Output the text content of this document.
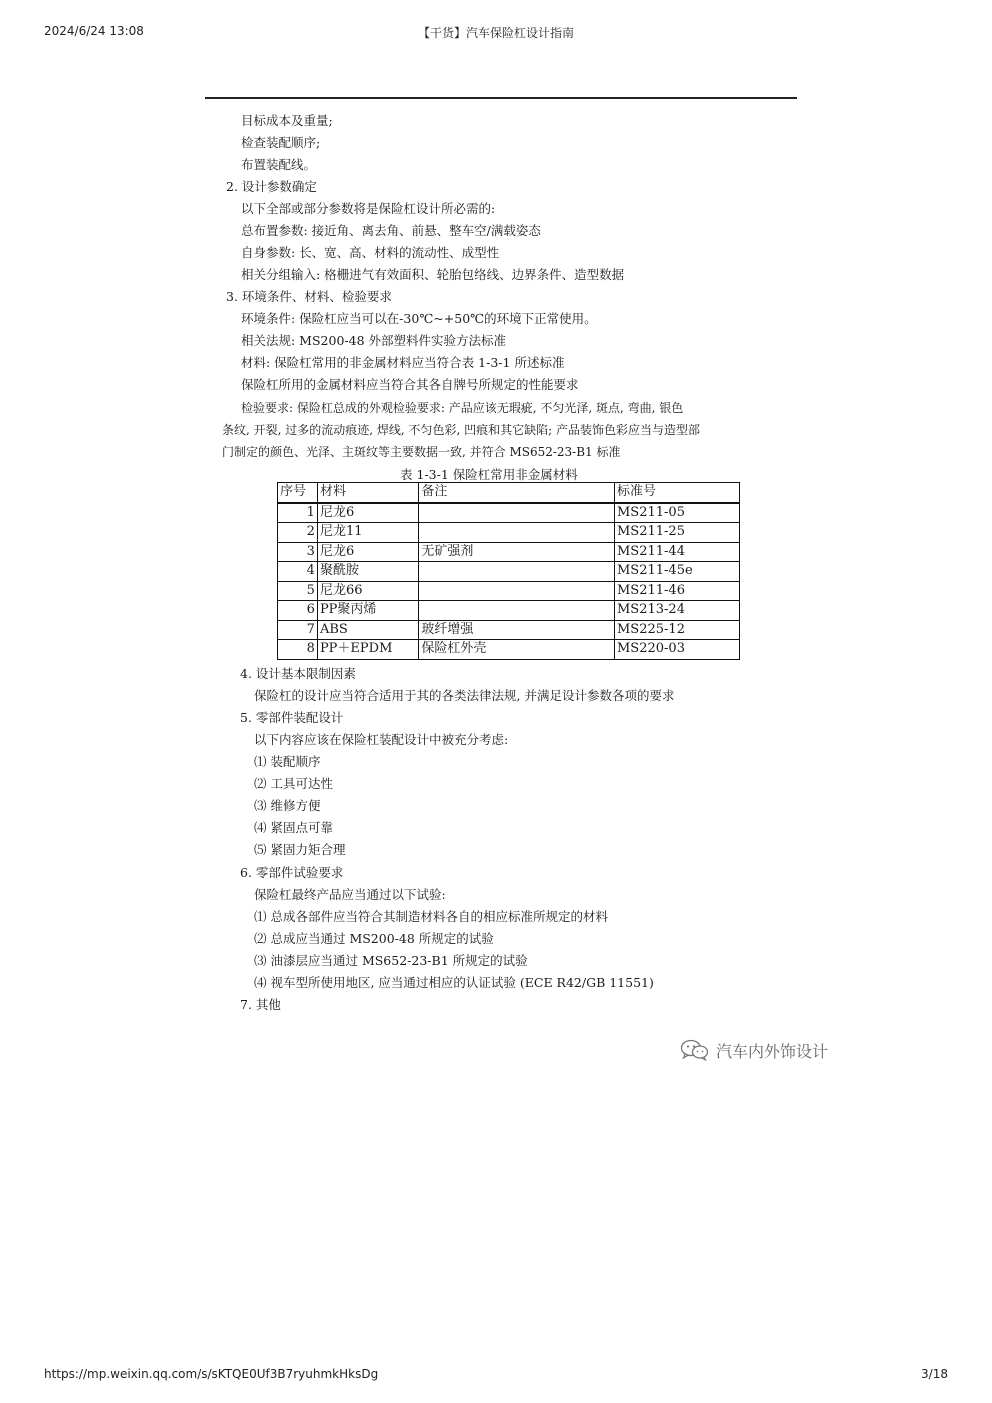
2024/6/24 13:08	【干货】汽车保险杠设计指南
目标成本及重量;
检查装配顺序;
布置装配线。
2. 设计参数确定
以下全部或部分参数将是保险杠设计所必需的:
总布置参数: 接近角、离去角、前悬、整车空/满载姿态
自身参数: 长、宽、高、材料的流动性、成型性
相关分组输入: 格栅进气有效面积、轮胎包络线、边界条件、造型数据
3. 环境条件、材料、检验要求
环境条件: 保险杠应当可以在-30℃~+50℃的环境下正常使用。
相关法规: MS200-48 外部塑料件实验方法标准
材料: 保险杠常用的非金属材料应当符合表 1-3-1 所述标准
保险杠所用的金属材料应当符合其各自牌号所规定的性能要求
检验要求: 保险杠总成的外观检验要求: 产品应该无瑕疵, 不匀光泽, 斑点, 弯曲, 银色
条纹, 开裂, 过多的流动痕迹, 焊线, 不匀色彩, 凹痕和其它缺陷; 产品装饰色彩应当与造型部
门制定的颜色、光泽、主斑纹等主要数据一致, 并符合 MS652-23-B1 标准
表 1-3-1 保险杠常用非金属材料
序号	材料	备注	标准号
1	尼龙6		MS211-05
2	尼龙11		MS211-25
3	尼龙6	无矿强剂	MS211-44
4	聚酰胺		MS211-45e
5	尼龙66		MS211-46
6	PP聚丙烯		MS213-24
7	ABS	玻纤增强	MS225-12
8	PP＋EPDM	保险杠外壳	MS220-03
4. 设计基本限制因素
保险杠的设计应当符合适用于其的各类法律法规, 并满足设计参数各项的要求
5. 零部件装配设计
以下内容应该在保险杠装配设计中被充分考虑:
⑴ 装配顺序
⑵ 工具可达性
⑶ 维修方便
⑷ 紧固点可靠
⑸ 紧固力矩合理
6. 零部件试验要求
保险杠最终产品应当通过以下试验:
⑴ 总成各部件应当符合其制造材料各自的相应标准所规定的材料
⑵ 总成应当通过 MS200-48 所规定的试验
⑶ 油漆层应当通过 MS652-23-B1 所规定的试验
⑷ 视车型所使用地区, 应当通过相应的认证试验 (ECE R42/GB 11551)
7. 其他
汽车内外饰设计
https://mp.weixin.qq.com/s/sKTQE0Uf3B7ryuhmkHksDg	3/18
